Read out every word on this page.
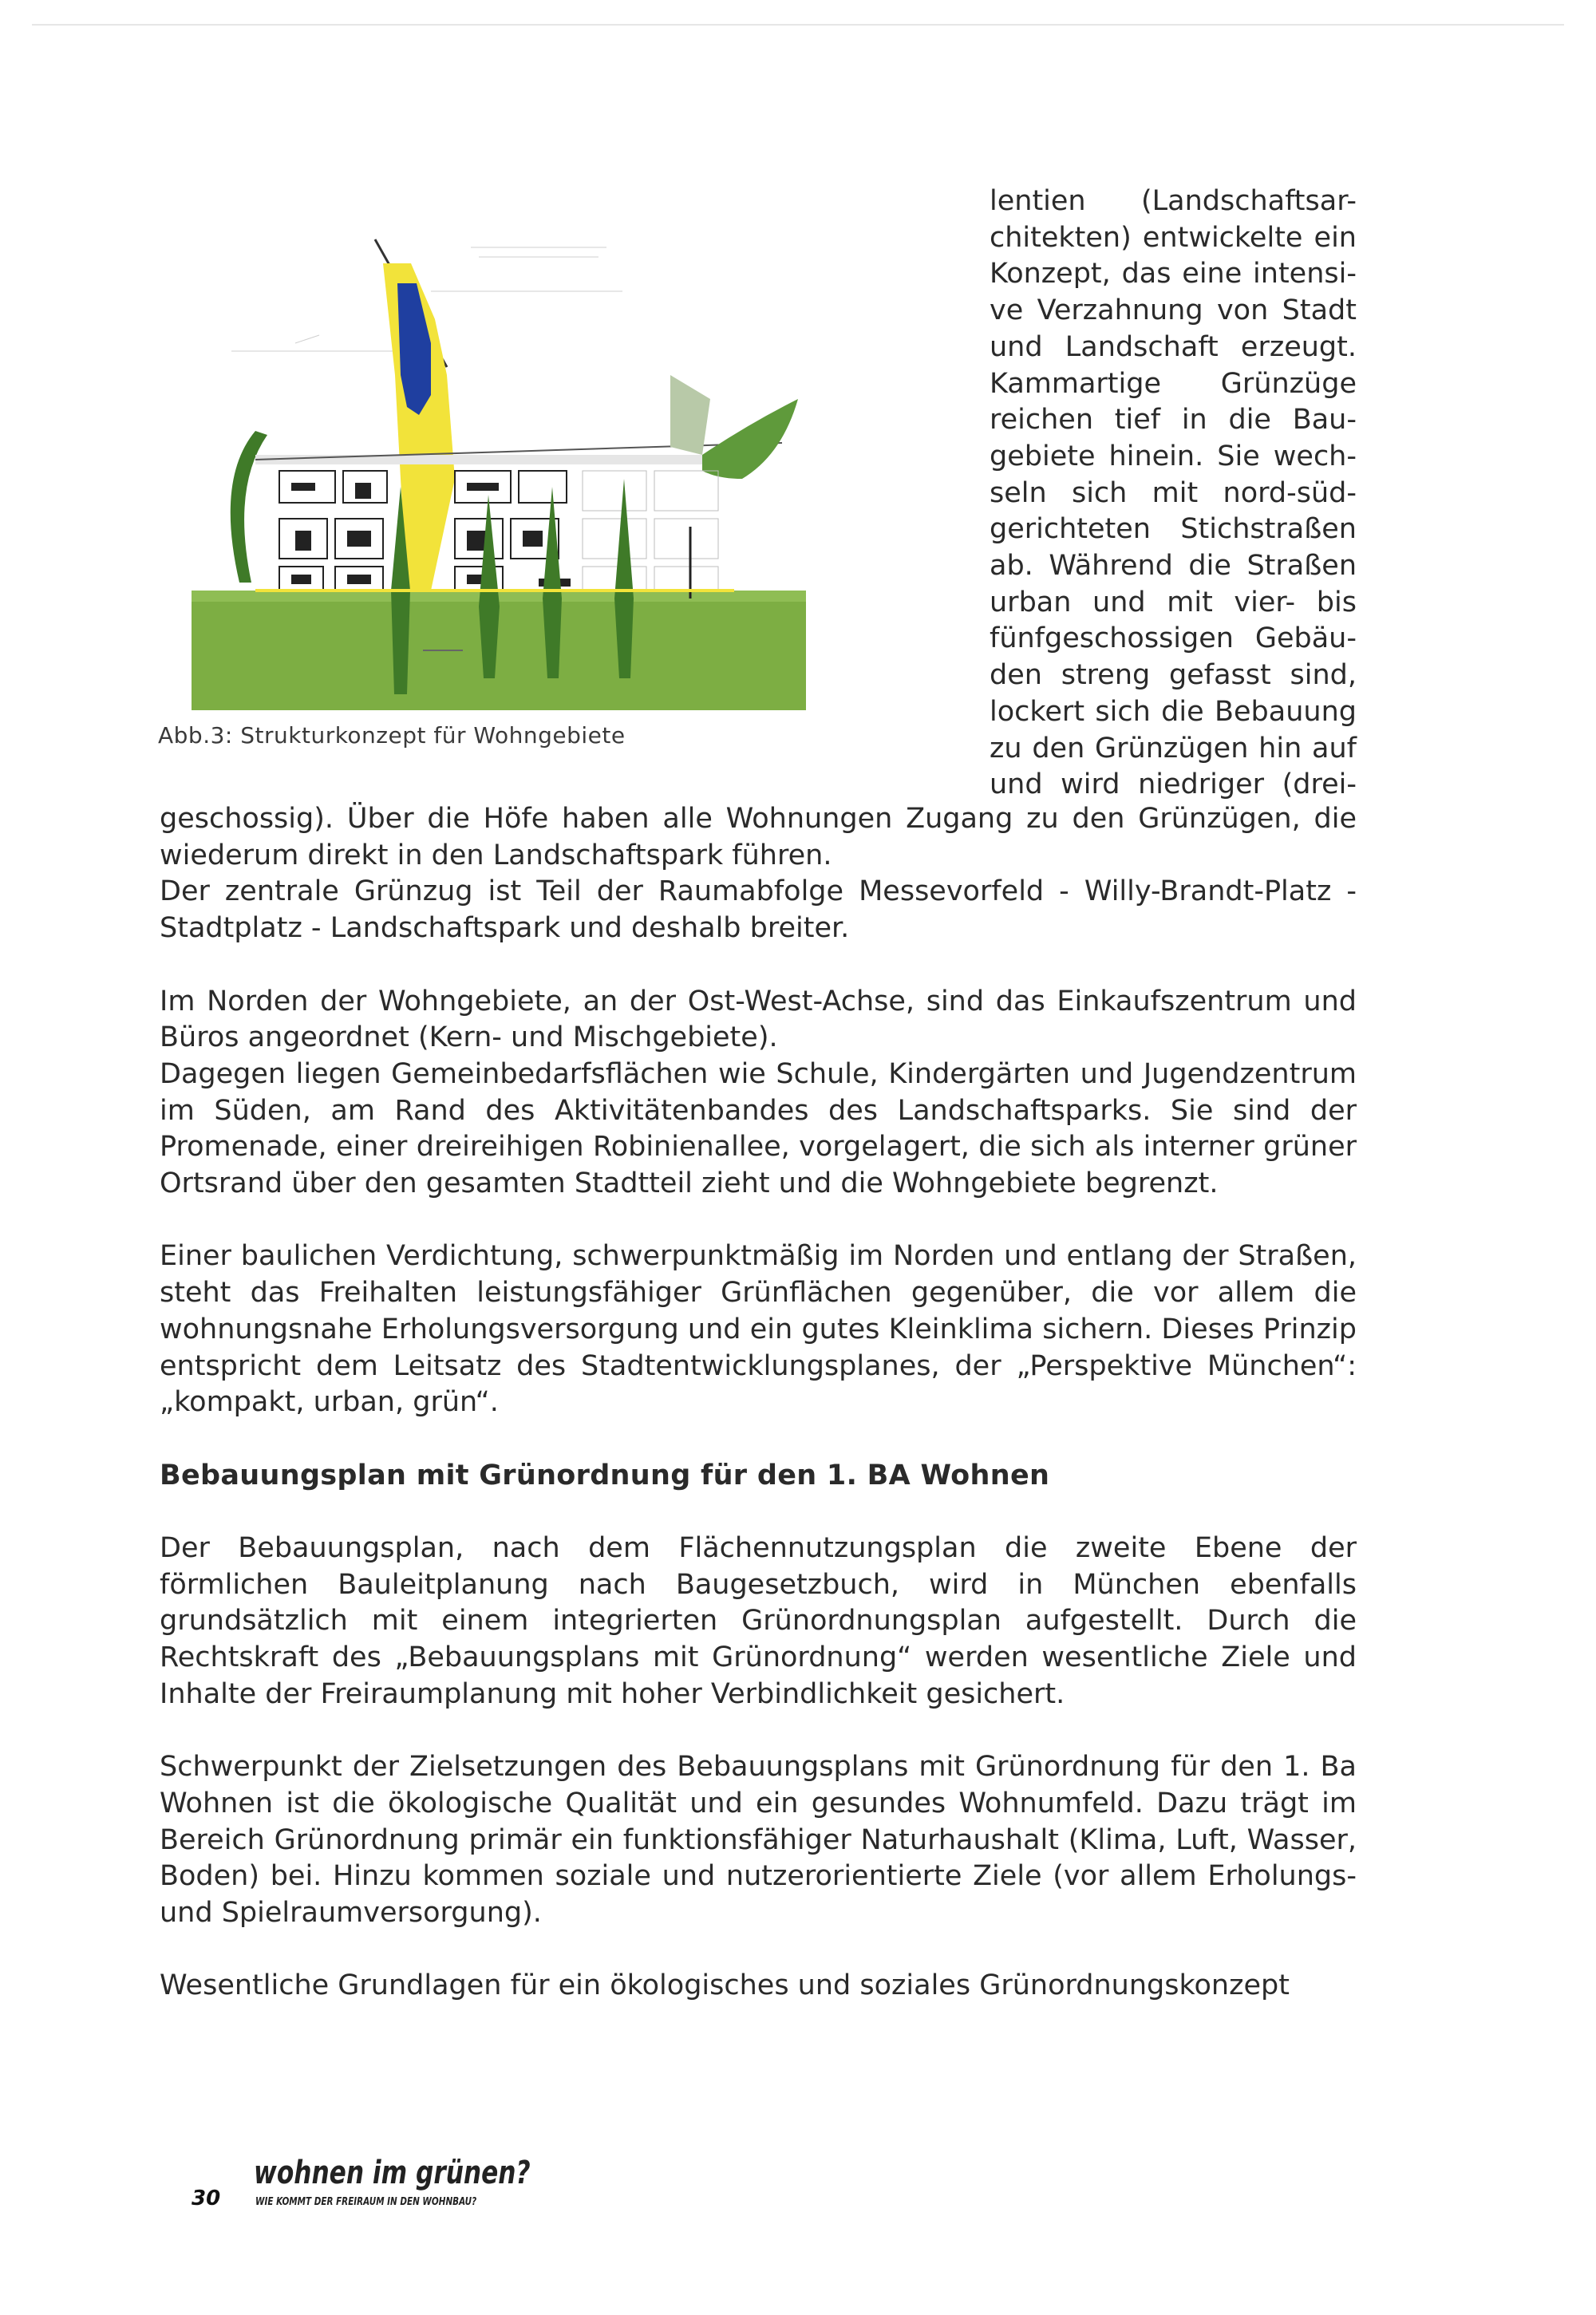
Abb.3: Strukturkonzept für Wohngebiete
lentien (Landschaftsar-
chitekten) entwickelte ein
Konzept, das eine intensi-
ve Verzahnung von Stadt
und Landschaft erzeugt.
Kammartige Grünzüge
reichen tief in die Bau-
gebiete hinein. Sie wech-
seln sich mit nord-süd-
gerichteten Stichstraßen
ab. Während die Straßen
urban und mit vier- bis
fünfgeschossigen Gebäu-
den streng gefasst sind,
lockert sich die Bebauung
zu den Grünzügen hin auf
und wird niedriger (drei-

geschossig). Über die Höfe haben alle Wohnungen Zugang zu den Grünzügen, die wiederum direkt in den Landschaftspark führen.

Der zentrale Grünzug ist Teil der Raumabfolge Messevorfeld - Willy-Brandt-Platz - Stadtplatz - Landschaftspark und deshalb breiter.

Im Norden der Wohngebiete, an der Ost-West-Achse, sind das Einkaufszentrum und Büros angeordnet (Kern- und Mischgebiete).

Dagegen liegen Gemeinbedarfsflächen wie Schule, Kindergärten und Jugendzentrum im Süden, am Rand des Aktivitätenbandes des Landschaftsparks. Sie sind der Promenade, einer dreireihigen Robinienallee, vorgelagert, die sich als interner grüner Ortsrand über den gesamten Stadtteil zieht und die Wohngebiete begrenzt.

Einer baulichen Verdichtung, schwerpunktmäßig im Norden und entlang der Straßen, steht das Freihalten leistungsfähiger Grünflächen gegenüber, die vor allem die wohnungsnahe Erholungsversorgung und ein gutes Kleinklima sichern. Dieses Prinzip entspricht dem Leitsatz des Stadtentwicklungsplanes, der „Perspektive München“: „kompakt, urban, grün“.

Bebauungsplan mit Grünordnung für den 1. BA Wohnen

Der Bebauungsplan, nach dem Flächennutzungsplan die zweite Ebene der förmlichen Bauleitplanung nach Baugesetzbuch, wird in München ebenfalls grundsätzlich mit einem integrierten Grünordnungsplan aufgestellt. Durch die Rechtskraft des „Bebauungsplans mit Grünordnung“ werden wesentliche Ziele und Inhalte der Freiraumplanung mit hoher Verbindlichkeit gesichert.

Schwerpunkt der Zielsetzungen des Bebauungsplans mit Grünordnung für den 1. Ba Wohnen ist die ökologische Qualität und ein gesundes Wohnumfeld. Dazu trägt im Bereich Grünordnung primär ein funktionsfähiger Naturhaushalt (Klima, Luft, Wasser, Boden) bei. Hinzu kommen soziale und nutzerorientierte Ziele (vor allem Erholungs- und Spielraumversorgung).

Wesentliche Grundlagen für ein ökologisches und soziales Grünordnungskonzept

30
wohnen im grünen?
WIE KOMMT DER FREIRAUM IN DEN WOHNBAU?
